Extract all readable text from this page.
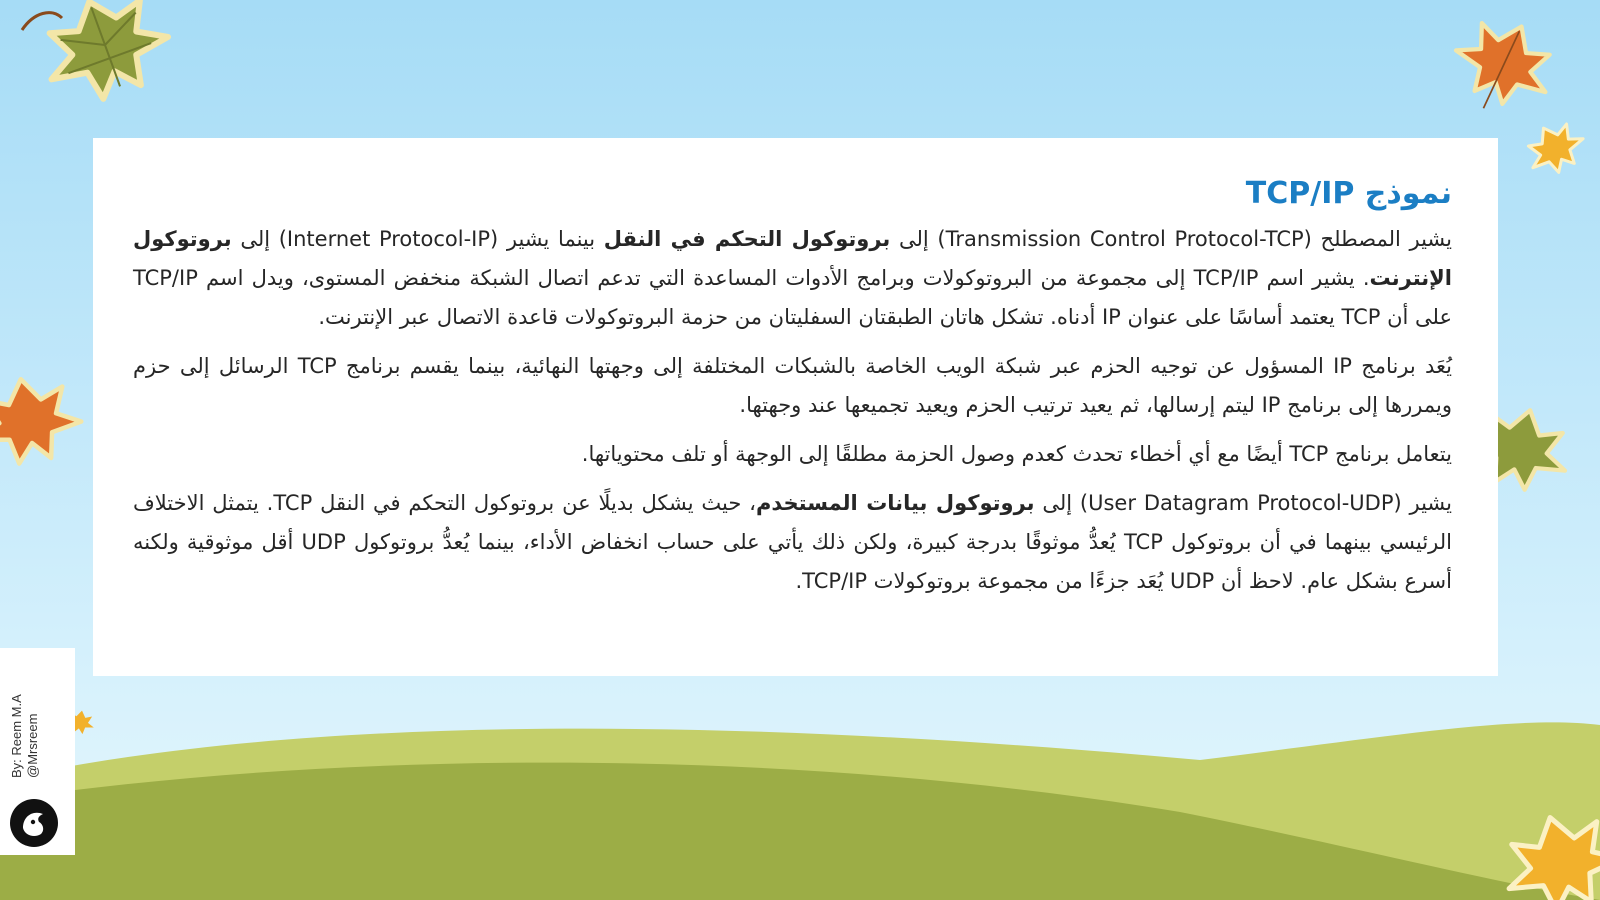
نموذج TCP/IP

يشير المصطلح (Transmission Control Protocol-TCP) إلى بروتوكول التحكم في النقل بينما يشير (Internet Protocol-IP) إلى بروتوكول الإنترنت. يشير اسم TCP/IP إلى مجموعة من البروتوكولات وبرامج الأدوات المساعدة التي تدعم اتصال الشبكة منخفض المستوى، ويدل اسم TCP/IP على أن TCP يعتمد أساسًا على عنوان IP أدناه. تشكل هاتان الطبقتان السفليتان من حزمة البروتوكولات قاعدة الاتصال عبر الإنترنت.

يُعَد برنامج IP المسؤول عن توجيه الحزم عبر شبكة الويب الخاصة بالشبكات المختلفة إلى وجهتها النهائية، بينما يقسم برنامج TCP الرسائل إلى حزم ويمررها إلى برنامج IP ليتم إرسالها، ثم يعيد ترتيب الحزم ويعيد تجميعها عند وجهتها.

يتعامل برنامج TCP أيضًا مع أي أخطاء تحدث كعدم وصول الحزمة مطلقًا إلى الوجهة أو تلف محتوياتها.

يشير (User Datagram Protocol-UDP) إلى بروتوكول بيانات المستخدم، حيث يشكل بديلًا عن بروتوكول التحكم في النقل TCP. يتمثل الاختلاف الرئيسي بينهما في أن بروتوكول TCP يُعدُّ موثوقًا بدرجة كبيرة، ولكن ذلك يأتي على حساب انخفاض الأداء، بينما يُعدُّ بروتوكول UDP أقل موثوقية ولكنه أسرع بشكل عام. لاحظ أن UDP يُعَد جزءًا من مجموعة بروتوكولات TCP/IP.

By: Reem M.A @Mrsreem
